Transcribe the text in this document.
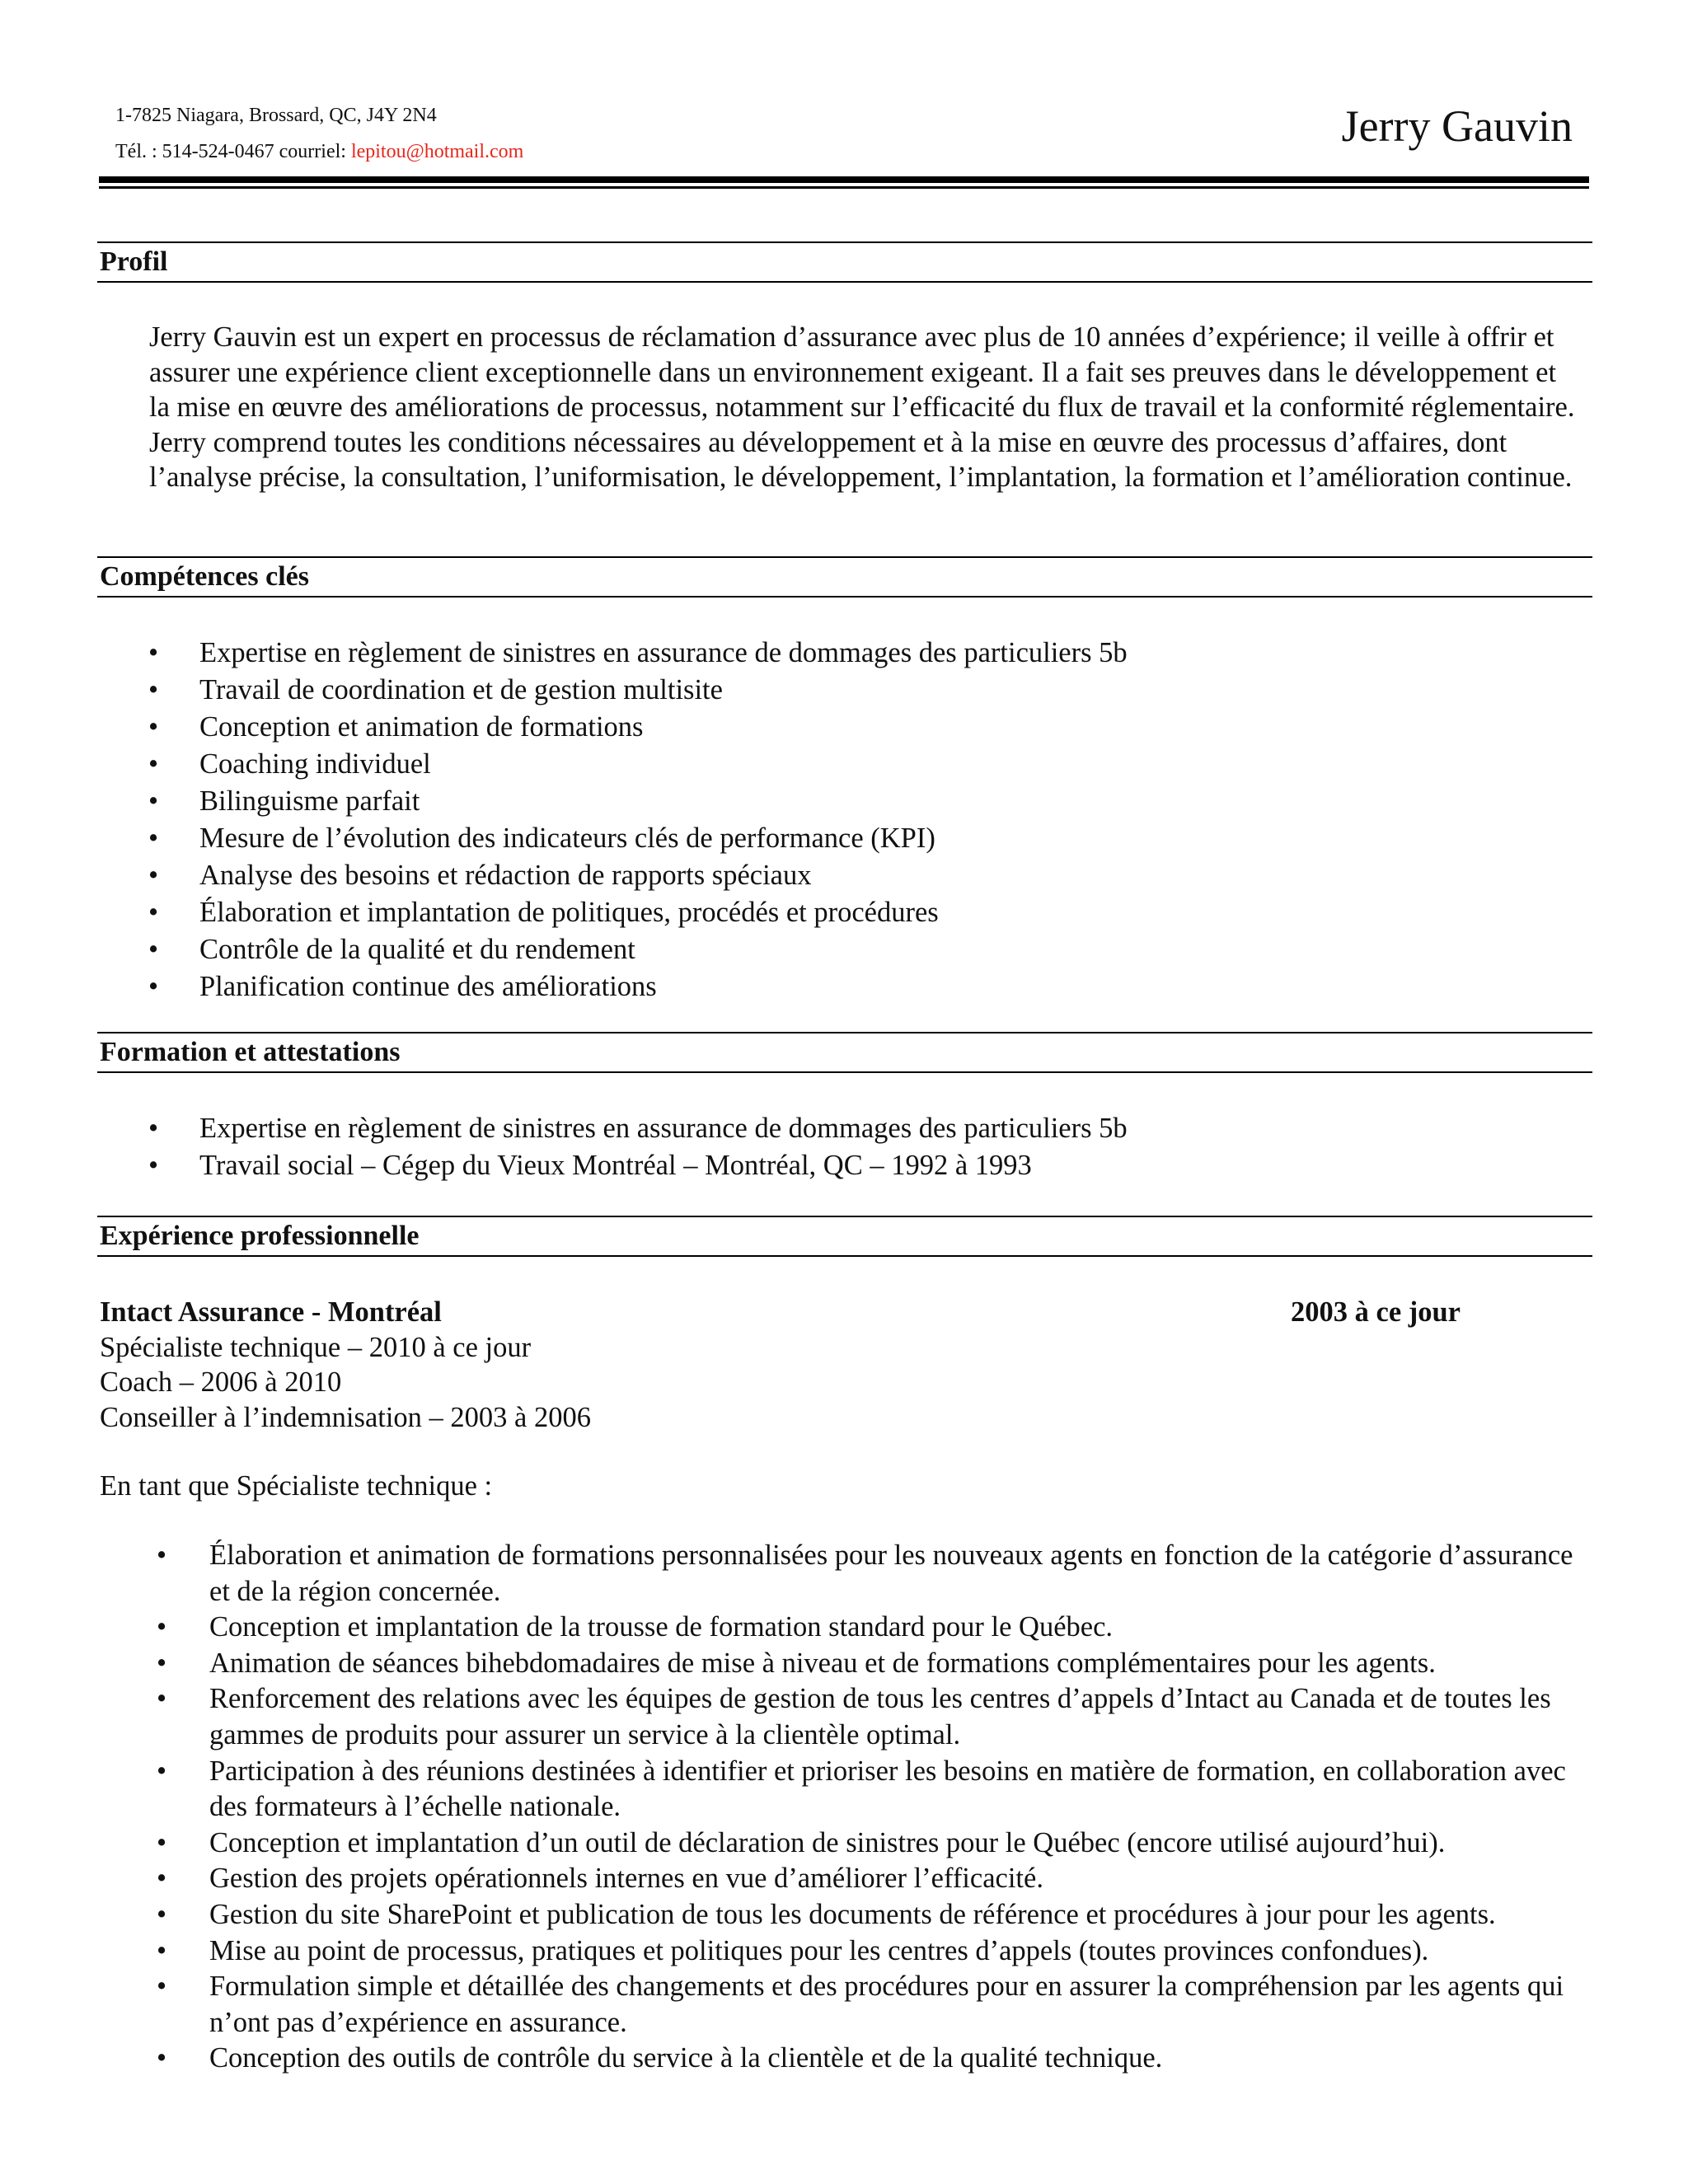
1-7825 Niagara, Brossard, QC, J4Y 2N4
Tél. : 514-524-0467 courriel: lepitou@hotmail.com
Jerry Gauvin
Profil
Jerry Gauvin est un expert en processus de réclamation d’assurance avec plus de 10 années d’expérience; il veille à offrir et assurer une expérience client exceptionnelle dans un environnement exigeant. Il a fait ses preuves dans le développement et la mise en œuvre des améliorations de processus, notamment sur l’efficacité du flux de travail et la conformité réglementaire. Jerry comprend toutes les conditions nécessaires au développement et à la mise en œuvre des processus d’affaires, dont l’analyse précise, la consultation, l’uniformisation, le développement, l’implantation, la formation et l’amélioration continue.
Compétences clés
• Expertise en règlement de sinistres en assurance de dommages des particuliers 5b
• Travail de coordination et de gestion multisite
• Conception et animation de formations
• Coaching individuel
• Bilinguisme parfait
• Mesure de l’évolution des indicateurs clés de performance (KPI)
• Analyse des besoins et rédaction de rapports spéciaux
• Élaboration et implantation de politiques, procédés et procédures
• Contrôle de la qualité et du rendement
• Planification continue des améliorations
Formation et attestations
• Expertise en règlement de sinistres en assurance de dommages des particuliers 5b
• Travail social – Cégep du Vieux Montréal – Montréal, QC – 1992 à 1993
Expérience professionnelle
Intact Assurance - Montréal
Spécialiste technique – 2010 à ce jour
Coach – 2006 à 2010
Conseiller à l’indemnisation – 2003 à 2006
2003 à ce jour
En tant que Spécialiste technique :
• Élaboration et animation de formations personnalisées pour les nouveaux agents en fonction de la catégorie d’assurance et de la région concernée.
• Conception et implantation de la trousse de formation standard pour le Québec.
• Animation de séances bihebdomadaires de mise à niveau et de formations complémentaires pour les agents.
• Renforcement des relations avec les équipes de gestion de tous les centres d’appels d’Intact au Canada et de toutes les gammes de produits pour assurer un service à la clientèle optimal.
• Participation à des réunions destinées à identifier et prioriser les besoins en matière de formation, en collaboration avec des formateurs à l’échelle nationale.
• Conception et implantation d’un outil de déclaration de sinistres pour le Québec (encore utilisé aujourd’hui).
• Gestion des projets opérationnels internes en vue d’améliorer l’efficacité.
• Gestion du site SharePoint et publication de tous les documents de référence et procédures à jour pour les agents.
• Mise au point de processus, pratiques et politiques pour les centres d’appels (toutes provinces confondues).
• Formulation simple et détaillée des changements et des procédures pour en assurer la compréhension par les agents qui n’ont pas d’expérience en assurance.
• Conception des outils de contrôle du service à la clientèle et de la qualité technique.
